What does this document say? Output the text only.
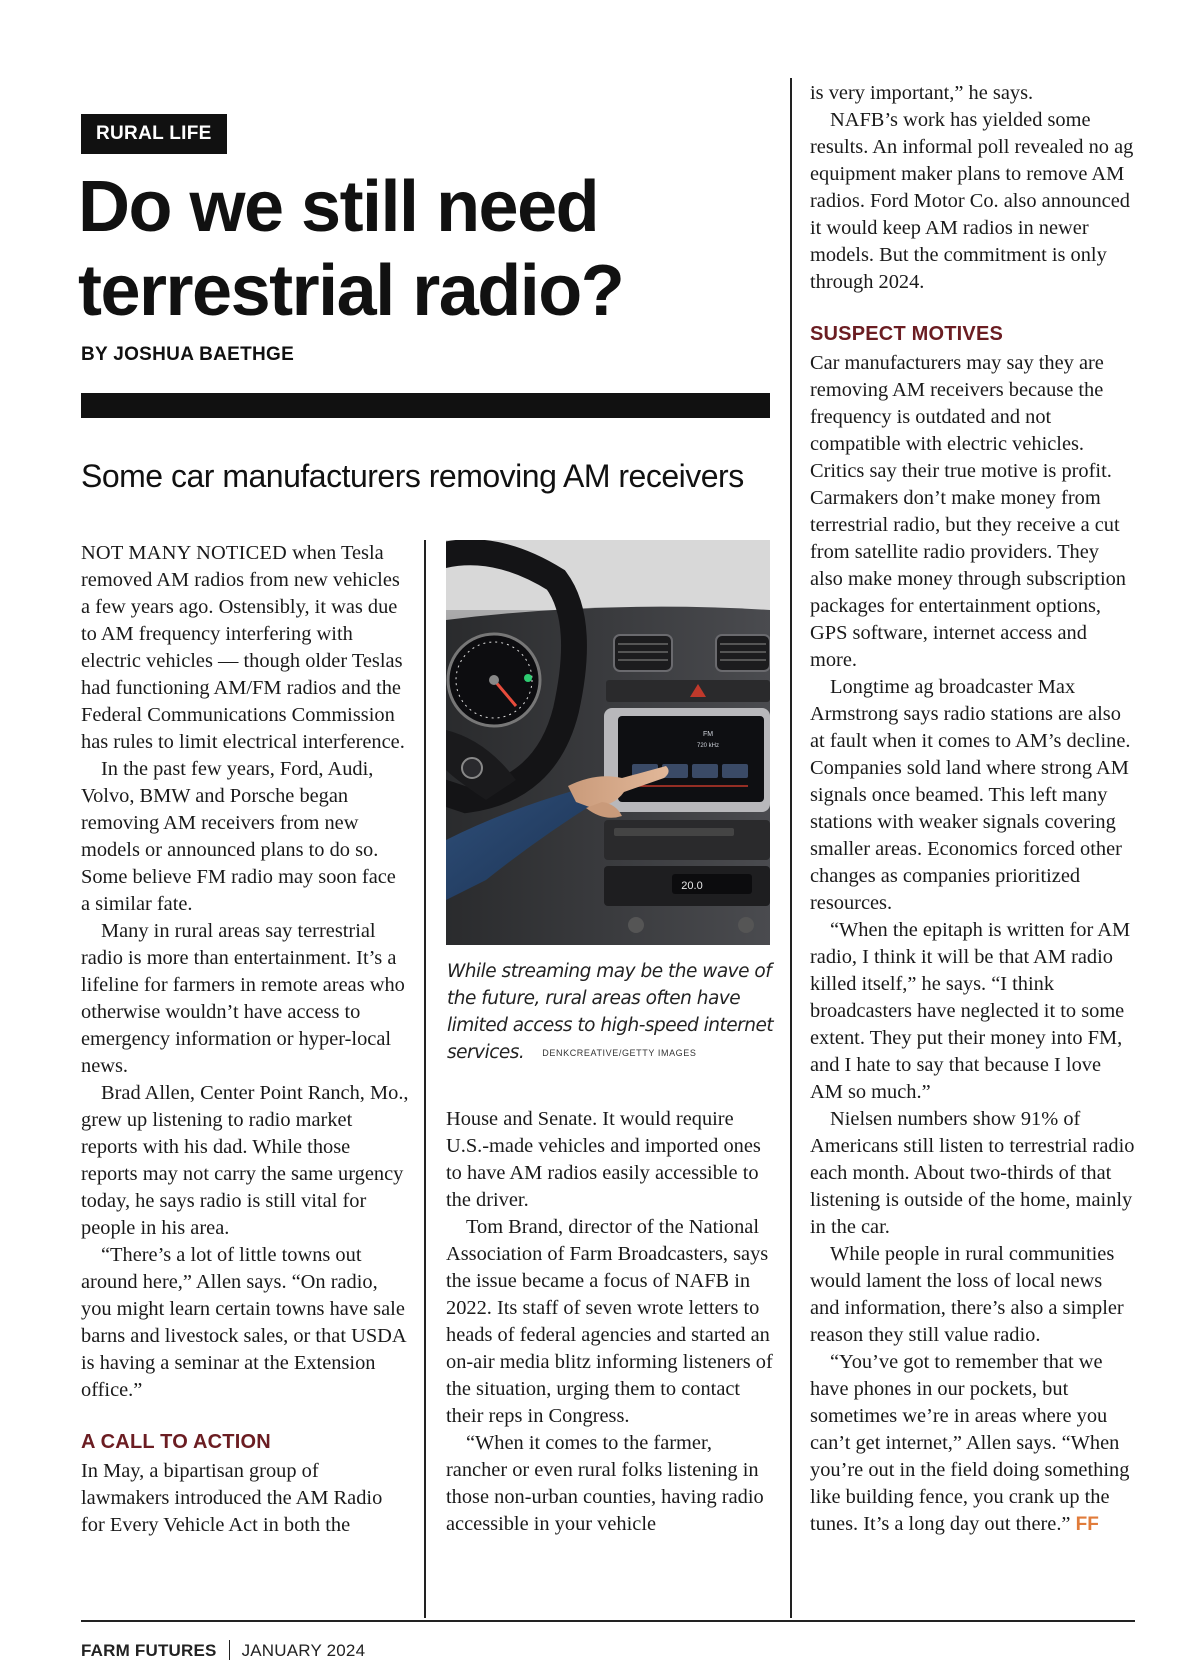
RURAL LIFE
Do we still need terrestrial radio?
BY JOSHUA BAETHGE
Some car manufacturers removing AM receivers

NOT MANY NOTICED when Tesla removed AM radios from new vehicles a few years ago. Ostensibly, it was due to AM frequency interfering with electric vehicles — though older Teslas had functioning AM/FM radios and the Federal Communications Commission has rules to limit electrical interference.

In the past few years, Ford, Audi, Volvo, BMW and Porsche began removing AM receivers from new models or announced plans to do so. Some believe FM radio may soon face a similar fate.

Many in rural areas say terrestrial radio is more than entertainment. It’s a lifeline for farmers in remote areas who otherwise wouldn’t have access to emergency information or hyper-local news.

Brad Allen, Center Point Ranch, Mo., grew up listening to radio market reports with his dad. While those reports may not carry the same urgency today, he says radio is still vital for people in his area.

“There’s a lot of little towns out around here,” Allen says. “On radio, you might learn certain towns have sale barns and livestock sales, or that USDA is having a seminar at the Extension office.”

A CALL TO ACTION

In May, a bipartisan group of lawmakers introduced the AM Radio for Every Vehicle Act in both the

FM
720 kHz
20.0
While streaming may be the wave of the future, rural areas often have limited access to high-speed internet services. DENKCREATIVE/GETTY IMAGES

House and Senate. It would require U.S.-made vehicles and imported ones to have AM radios easily accessible to the driver.

Tom Brand, director of the National Association of Farm Broadcasters, says the issue became a focus of NAFB in 2022. Its staff of seven wrote letters to heads of federal agencies and started an on-air media blitz informing listeners of the situation, urging them to contact their reps in Congress.

“When it comes to the farmer, rancher or even rural folks listening in those non-urban counties, having radio accessible in your vehicle

is very important,” he says.

NAFB’s work has yielded some results. An informal poll revealed no ag equipment maker plans to remove AM radios. Ford Motor Co. also announced it would keep AM radios in newer models. But the commitment is only through 2024.

SUSPECT MOTIVES

Car manufacturers may say they are removing AM receivers because the frequency is outdated and not compatible with electric vehicles. Critics say their true motive is profit. Carmakers don’t make money from terrestrial radio, but they receive a cut from satellite radio providers. They also make money through subscription packages for entertainment options, GPS software, internet access and more.

Longtime ag broadcaster Max Armstrong says radio stations are also at fault when it comes to AM’s decline. Companies sold land where strong AM signals once beamed. This left many stations with weaker signals covering smaller areas. Economics forced other changes as companies prioritized resources.

“When the epitaph is written for AM radio, I think it will be that AM radio killed itself,” he says. “I think broadcasters have neglected it to some extent. They put their money into FM, and I hate to say that because I love AM so much.”

Nielsen numbers show 91% of Americans still listen to terrestrial radio each month. About two-thirds of that listening is outside of the home, mainly in the car.

While people in rural communities would lament the loss of local news and information, there’s also a simpler reason they still value radio.

“You’ve got to remember that we have phones in our pockets, but sometimes we’re in areas where you can’t get internet,” Allen says. “When you’re out in the field doing something like building fence, you crank up the tunes. It’s a long day out there.” FF

FARM FUTURES JANUARY 2024
